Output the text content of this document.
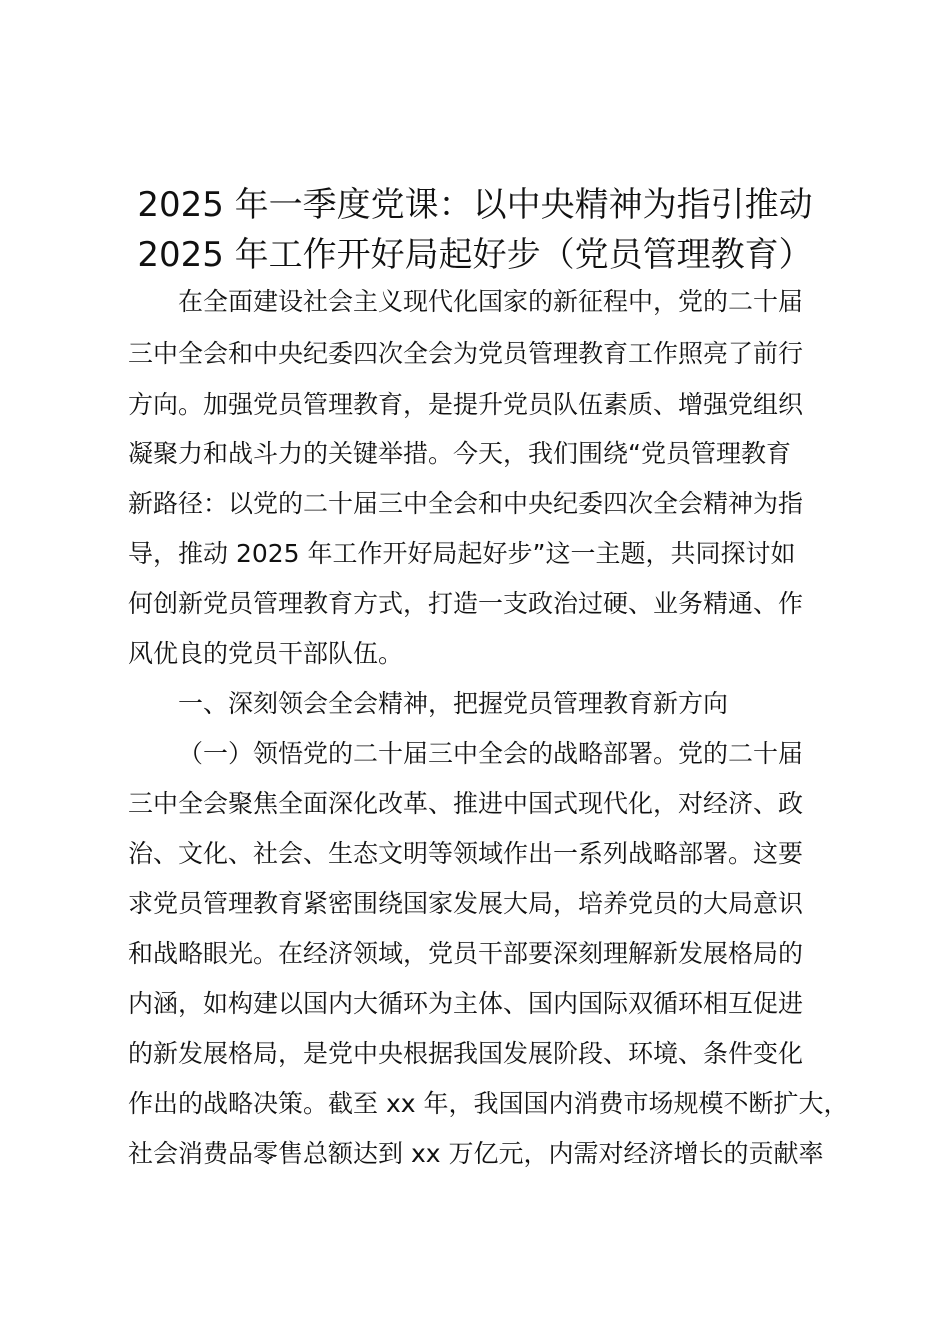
2025 年一季度党课：以中央精神为指引推动
2025 年工作开好局起好步（党员管理教育）
在全面建设社会主义现代化国家的新征程中，党的二十届
三中全会和中央纪委四次全会为党员管理教育工作照亮了前行
方向。加强党员管理教育，是提升党员队伍素质、增强党组织
凝聚力和战斗力的关键举措。今天，我们围绕“党员管理教育
新路径：以党的二十届三中全会和中央纪委四次全会精神为指
导，推动 2025 年工作开好局起好步”这一主题，共同探讨如
何创新党员管理教育方式，打造一支政治过硬、业务精通、作
风优良的党员干部队伍。
一、深刻领会全会精神，把握党员管理教育新方向
（一）领悟党的二十届三中全会的战略部署。党的二十届
三中全会聚焦全面深化改革、推进中国式现代化，对经济、政
治、文化、社会、生态文明等领域作出一系列战略部署。这要
求党员管理教育紧密围绕国家发展大局，培养党员的大局意识
和战略眼光。在经济领域，党员干部要深刻理解新发展格局的
内涵，如构建以国内大循环为主体、国内国际双循环相互促进
的新发展格局，是党中央根据我国发展阶段、环境、条件变化
作出的战略决策。截至 xx 年，我国国内消费市场规模不断扩大，
社会消费品零售总额达到 xx 万亿元，内需对经济增长的贡献率
